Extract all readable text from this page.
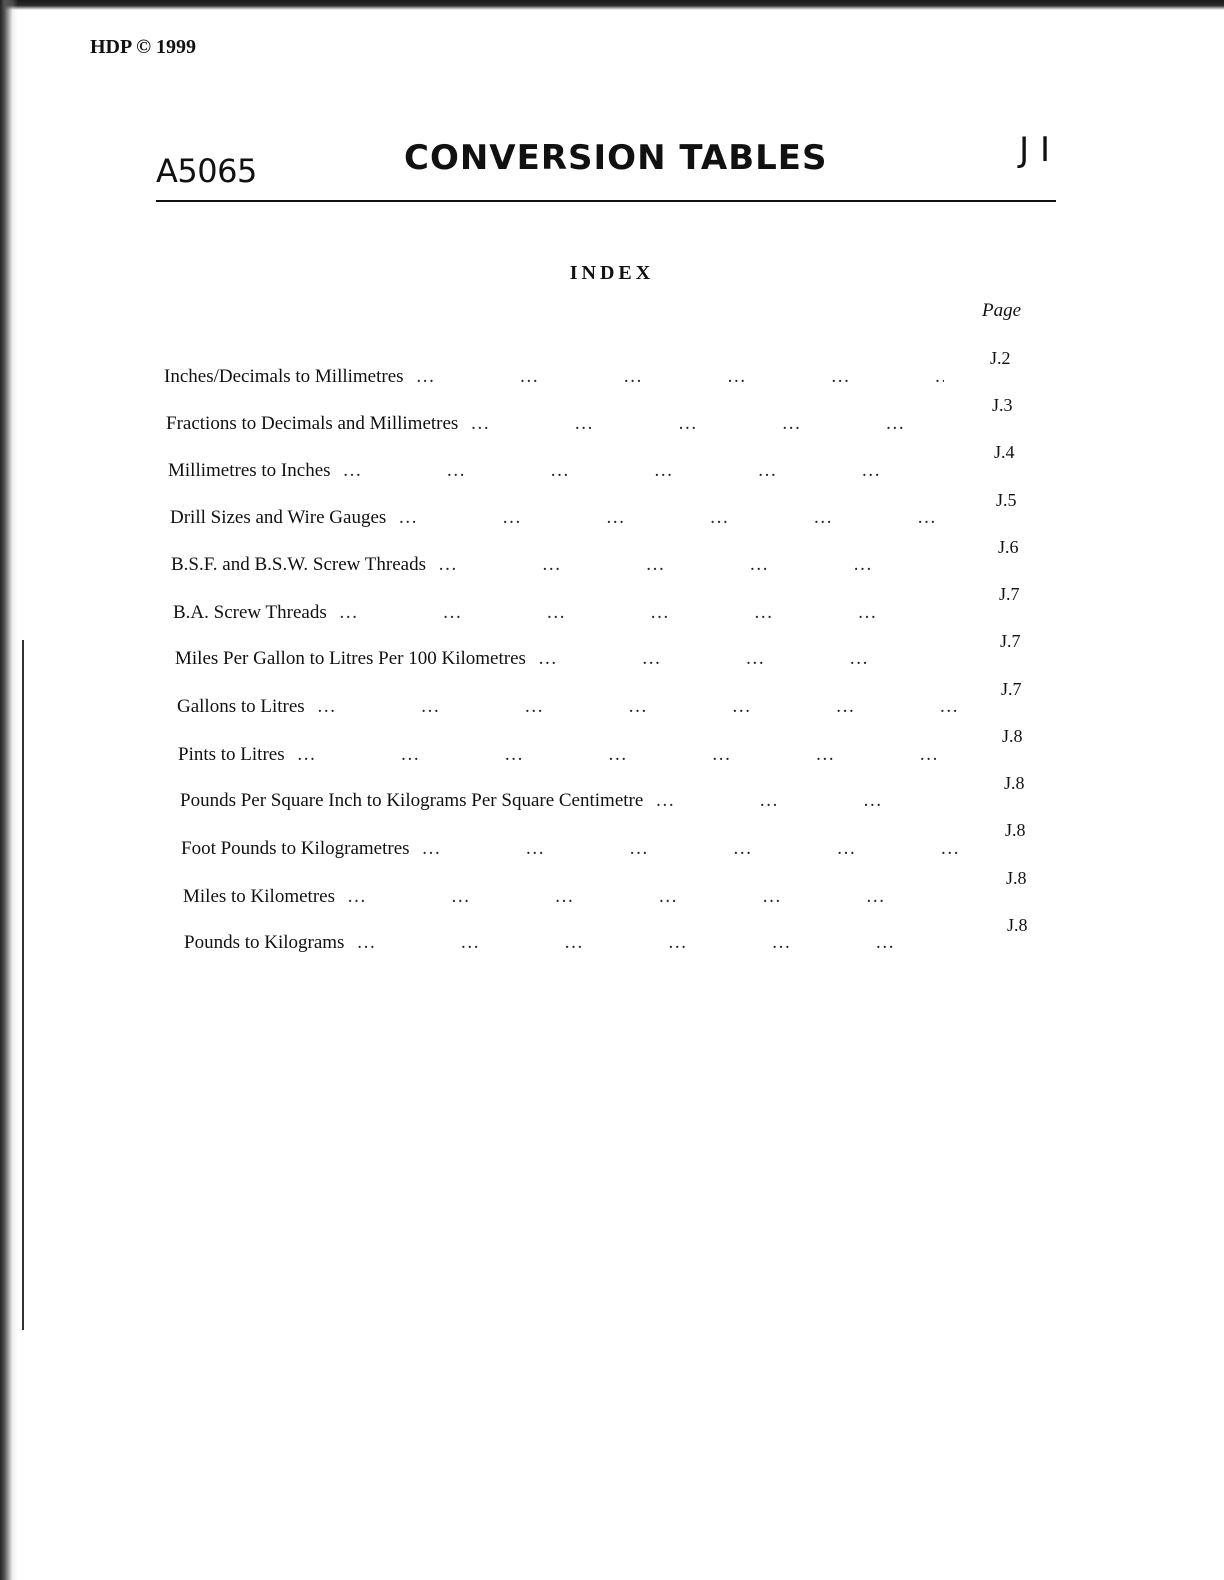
HDP © 1999
A5065	CONVERSION TABLES	J I
INDEX
Page
Inches/Decimals to Millimetres
… … … … … … … … … … … … … … … … … … … … … … … …
J.2
Fractions to Decimals and Millimetres
… … … … … … … … … … … … … … … … … … … … … … … …
J.3
Millimetres to Inches
… … … … … … … … … … … … … … … … … … … … … … … …
J.4
Drill Sizes and Wire Gauges
… … … … … … … … … … … … … … … … … … … … … … … …
J.5
B.S.F. and B.S.W. Screw Threads
… … … … … … … … … … … … … … … … … … … … … … … …
J.6
B.A. Screw Threads
… … … … … … … … … … … … … … … … … … … … … … … …
J.7
Miles Per Gallon to Litres Per 100 Kilometres
… … … … … … … … … … … … … … … … … … … … … … … …
J.7
Gallons to Litres
… … … … … … … … … … … … … … … … … … … … … … … …
J.7
Pints to Litres
… … … … … … … … … … … … … … … … … … … … … … … …
J.8
Pounds Per Square Inch to Kilograms Per Square Centimetre
… … … … … … … … … … … … … … … … … … … … … … … …
J.8
Foot Pounds to Kilogrametres
… … … … … … … … … … … … … … … … … … … … … … … …
J.8
Miles to Kilometres
… … … … … … … … … … … … … … … … … … … … … … … …
J.8
Pounds to Kilograms
… … … … … … … … … … … … … … … … … … … … … … … …
J.8
